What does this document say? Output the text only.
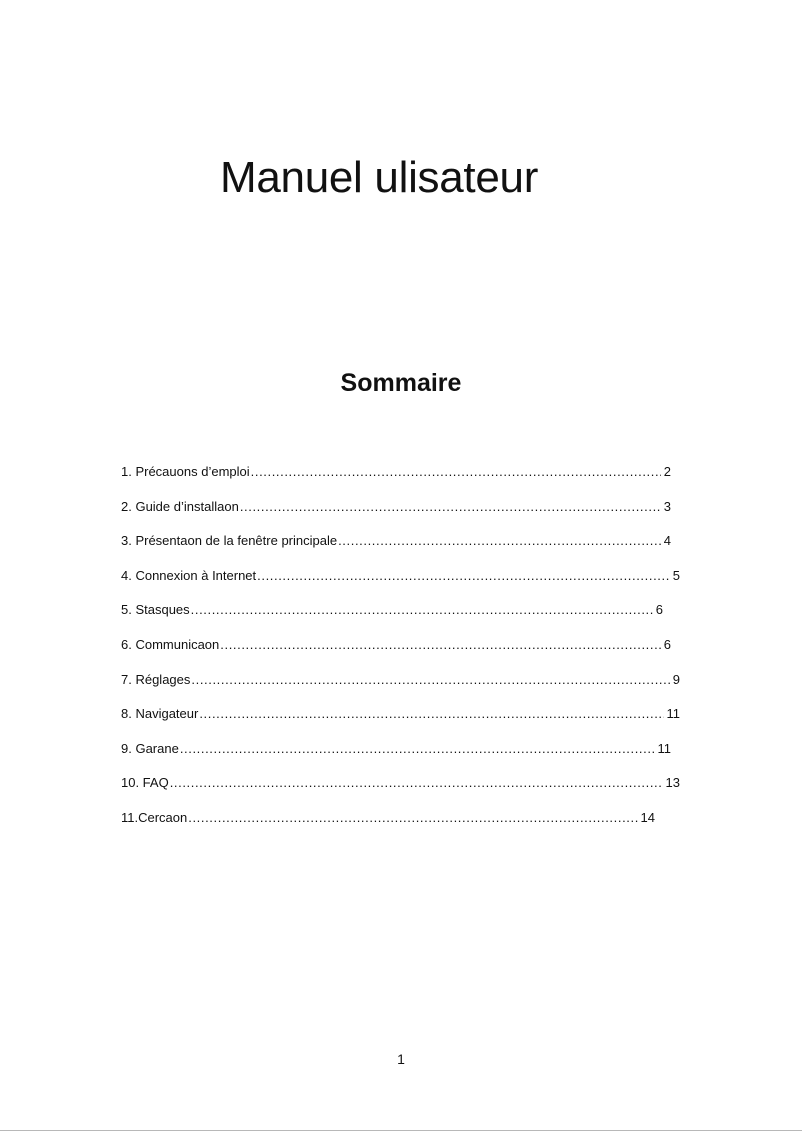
Manuel ulisateur
Sommaire
1. Précauons d’emploi .....	2
2. Guide d’installaon .....	3
3. Présentaon de la fenêtre principale .....	4
4. Connexion à Internet .....	5
5. Stasques .....	6
6. Communicaon .....	6
7. Réglages .....	9
8. Navigateur .....	11
9. Garane .....	11
10. FAQ .....	13
11.Cercaon .....	14
1
